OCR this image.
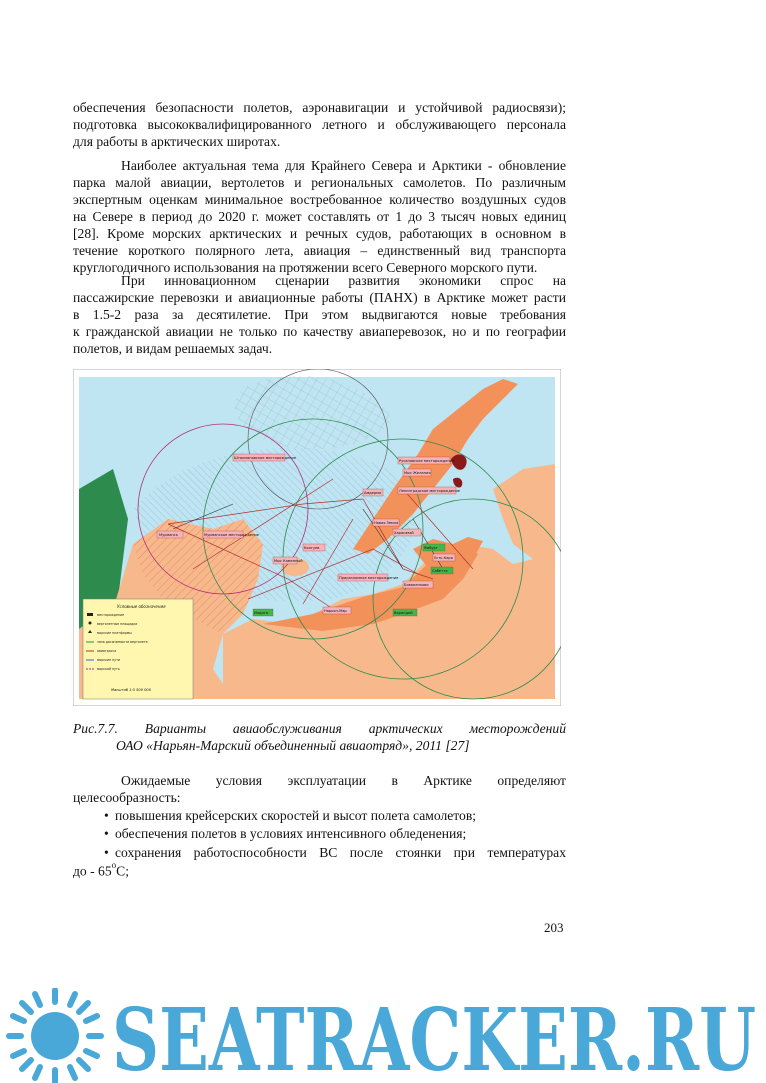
обеспечения безопасности полетов, аэронавигации и устойчивой радиосвязи);

подготовка высококвалифицированного летного и обслуживающего персонала

для работы в арктических широтах.

Наиболее актуальная тема для Крайнего Севера и Арктики - обновление

парка малой авиации, вертолетов и региональных самолетов. По различным

экспертным оценкам минимальное востребованное количество воздушных судов

на Севере в период до 2020 г. может составлять от 1 до 3 тысяч новых единиц

[28]. Кроме морских арктических и речных судов, работающих в основном в

течение короткого полярного лета, авиация – единственный вид транспорта

круглогодичного использования на протяжении всего Северного морского пути.

При инновационном сценарии развития экономики спрос на

пассажирские перевозки и авиационные работы (ПАНХ) в Арктике может расти

в 1.5-2 раза за десятилетие. При этом выдвигаются новые требования

к гражданской авиации не только по качеству авиаперевозок, но и по географии

полетов, и видам решаемых задач.

Мурманск	Мурманское месторождение
Штокмановское месторождение
Мыс Каменный
Амдерма
Нарьян-Мар	Варандей
Ямбург
Харасавэй
Бованенково
Сабетта
Русановское месторождение
Ленинградское месторождение
Приразломное месторождение
Усть-Кара
Индига
Колгуев
Новая Земля
Мыс Желания
Условные обозначения
месторождение
вертолетные площадки
морские платформы
зона досягаемости вертолета
авиатрасса
морские пути
морской путь
Масштаб 1:5 500 000
Рис.7.7. Варианты авиаобслуживания арктических месторождений
ОАО «Нарьян-Марский объединенный авиаотряд», 2011 [27]

Ожидаемые условия эксплуатации в Арктике определяют

целесообразность:

• повышения крейсерских скоростей и высот полета самолетов;
• обеспечения полетов в условиях интенсивного обледенения;
• сохранения работоспособности ВС после стоянки при температурах
до - 65$^o$C;
203
SEATRACKER.RU
